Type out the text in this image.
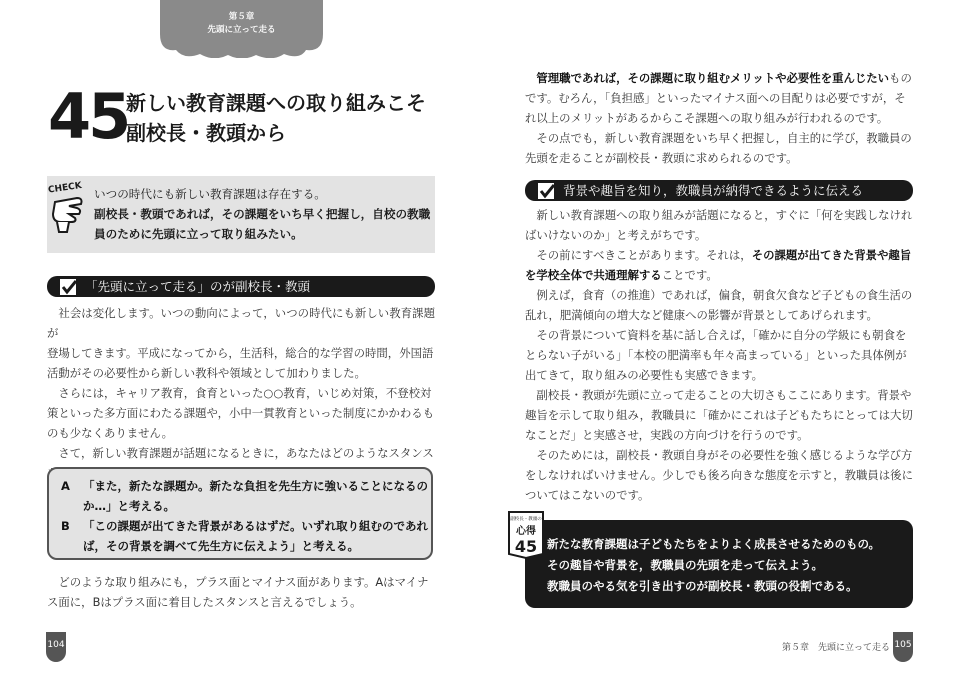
第５章
先頭に立って走る
45
新しい教育課題への取り組みこそ
副校長・教頭から
CHECK いつの時代にも新しい教育課題は存在する。
副校長・教頭であれば，その課題をいち早く把握し，自校の教職
員のために先頭に立って取り組みたい。
「先頭に立って走る」のが副校長・教頭

社会は変化します。いつの動向によって，いつの時代にも新しい教育課題が

登場してきます。平成になってから，生活科，総合的な学習の時間，外国語

活動がその必要性から新しい教科や領域として加わりました。

さらには，キャリア教育，食育といった○○教育，いじめ対策，不登校対

策といった多方面にわたる課題や，小中一貫教育といった制度にかかわるも

のも少なくありません。

さて，新しい教育課題が話題になるときに，あなたはどのようなスタンス

A 「また，新たな課題か。新たな負担を先生方に強いることになるの
か…」と考える。
B 「この課題が出てきた背景があるはずだ。いずれ取り組むのであれ
ば，その背景を調べて先生方に伝えよう」と考える。

どのような取り組みにも，プラス面とマイナス面があります。Aはマイナ

ス面に，Bはプラス面に着目したスタンスと言えるでしょう。

104

管理職であれば，その課題に取り組むメリットや必要性を重んじたいもの

です。むろん，「負担感」といったマイナス面への目配りは必要ですが，そ

れ以上のメリットがあるからこそ課題への取り組みが行われるのです。

その点でも，新しい教育課題をいち早く把握し，自主的に学び，教職員の

先頭を走ることが副校長・教頭に求められるのです。

背景や趣旨を知り，教職員が納得できるように伝える

新しい教育課題への取り組みが話題になると，すぐに「何を実践しなけれ

ばいけないのか」と考えがちです。

その前にすべきことがあります。それは，その課題が出てきた背景や趣旨

を学校全体で共通理解することです。

例えば，食育（の推進）であれば，偏食，朝食欠食など子どもの食生活の

乱れ，肥満傾向の増大など健康への影響が背景としてあげられます。

その背景について資料を基に話し合えば，「確かに自分の学級にも朝食を

とらない子がいる」「本校の肥満率も年々高まっている」といった具体例が

出てきて，取り組みの必要性も実感できます。

副校長・教頭が先頭に立って走ることの大切さもここにあります。背景や

趣旨を示して取り組み，教職員に「確かにこれは子どもたちにとっては大切

なことだ」と実感させ，実践の方向づけを行うのです。

そのためには，副校長・教頭自身がその必要性を強く感じるような学び方

をしなければいけません。少しでも後ろ向きな態度を示すと，教職員は後に

ついてはこないのです。

副校長・教頭の
心得
45 新たな教育課題は子どもたちをよりよく成長させるためのもの。
その趣旨や背景を，教職員の先頭を走って伝えよう。
教職員のやる気を引き出すのが副校長・教頭の役割である。
第５章　先頭に立って走る 105
